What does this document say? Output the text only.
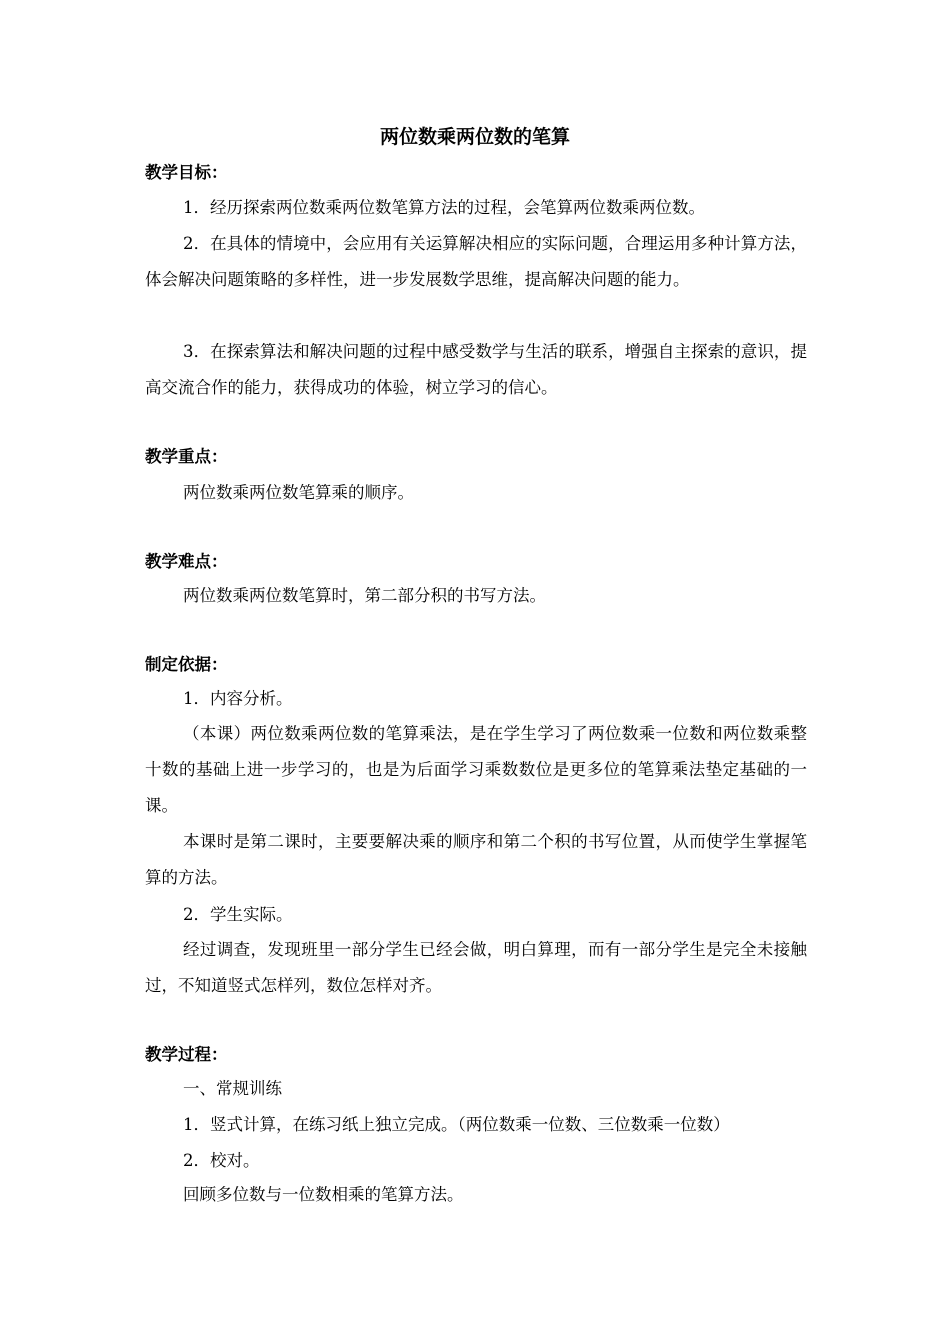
两位数乘两位数的笔算
教学目标：
1．经历探索两位数乘两位数笔算方法的过程，会笔算两位数乘两位数。
2．在具体的情境中，会应用有关运算解决相应的实际问题，合理运用多种计算方法，体会解决问题策略的多样性，进一步发展数学思维，提高解决问题的能力。
3．在探索算法和解决问题的过程中感受数学与生活的联系，增强自主探索的意识，提高交流合作的能力，获得成功的体验，树立学习的信心。
教学重点：
两位数乘两位数笔算乘的顺序。
教学难点：
两位数乘两位数笔算时，第二部分积的书写方法。
制定依据：
1．内容分析。
（本课）两位数乘两位数的笔算乘法，是在学生学习了两位数乘一位数和两位数乘整十数的基础上进一步学习的，也是为后面学习乘数数位是更多位的笔算乘法垫定基础的一课。
本课时是第二课时，主要要解决乘的顺序和第二个积的书写位置，从而使学生掌握笔算的方法。
2．学生实际。
经过调查，发现班里一部分学生已经会做，明白算理，而有一部分学生是完全未接触过，不知道竖式怎样列，数位怎样对齐。
教学过程：
一、常规训练
1．竖式计算，在练习纸上独立完成。（两位数乘一位数、三位数乘一位数）
2．校对。
回顾多位数与一位数相乘的笔算方法。
